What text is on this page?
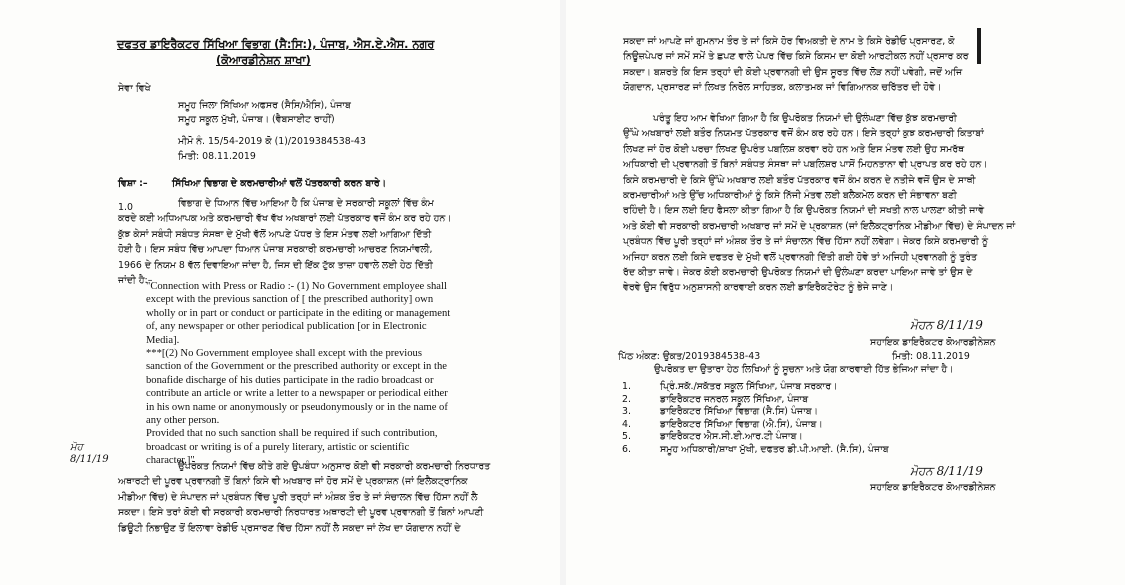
ਦਫਤਰ ਡਾਇਰੈਕਟਰ ਸਿੱਖਿਆ ਵਿਭਾਗ (ਸੈ:ਸਿ:), ਪੰਜਾਬ, ਐਸ.ਏ.ਐਸ. ਨਗਰ
(ਕੋਆਰਡੀਨੇਸ਼ਨ ਸ਼ਾਖਾ)
ਸੇਵਾ ਵਿਖੇ
ਸਮੂਹ ਜਿਲਾ ਸਿੱਖਿਆ ਅਫਸਰ (ਸੈਸਿ/ਐਸਿ), ਪੰਜਾਬ
ਸਮੂਹ ਸਕੂਲ ਮੁੱਖੀ, ਪੰਜਾਬ। (ਵੈਬਸਾਈਟ ਰਾਹੀਂ)
ਮੀਮੋ ਨੰ. 15/54-2019 ਕੋ (1)/2019384538-43
ਮਿਤੀ: 08.11.2019
ਵਿਸ਼ਾ :–	ਸਿੱਖਿਆ ਵਿਭਾਗ ਦੇ ਕਰਮਚਾਰੀਆਂ ਵਲੋਂ ਪੱਤਰਕਾਰੀ ਕਰਨ ਬਾਰੇ।
1.0	ਵਿਭਾਗ ਦੇ ਧਿਆਨ ਵਿੱਚ ਆਇਆ ਹੈ ਕਿ ਪੰਜਾਬ ਦੇ ਸਰਕਾਰੀ ਸਕੂਲਾਂ ਵਿੱਚ ਕੰਮ
ਕਰਦੇ ਕਈ ਅਧਿਆਪਕ ਅਤੇ ਕਰਮਚਾਰੀ ਵੱਖ ਵੱਖ ਅਖਬਾਰਾਂ ਲਈ ਪੱਤਰਕਾਰ ਵਜੋਂ ਕੰਮ ਕਰ ਰਹੇ ਹਨ।
ਕੁੱਝ ਕੇਸਾਂ ਸਬੰਧੀ ਸਬੰਧਤ ਸੰਸਥਾ ਦੇ ਮੁੱਖੀ ਵੱਲੋਂ ਆਪਣੇ ਪੱਧਰ ਤੇ ਇਸ ਮੰਤਵ ਲਈ ਆਗਿਆ ਦਿੱਤੀ
ਹੋਈ ਹੈ। ਇਸ ਸਬੰਧ ਵਿੱਚ ਆਪਦਾ ਧਿਆਨ ਪੰਜਾਬ ਸਰਕਾਰੀ ਕਰਮਚਾਰੀ ਆਚਰਣ ਨਿਯਮਾਂਵਲੀ,
1966 ਦੇ ਨਿਯਮ 8 ਵੱਲ ਦਿਵਾਇਆ ਜਾਂਦਾ ਹੈ, ਜਿਸ ਦੀ ਇੱਕ ਟੁੱਕ ਤਾਜ਼ਾ ਹਵਾਲੇ ਲਈ ਹੇਠ ਦਿੱਤੀ
ਜਾਂਦੀ ਹੈ:–
"Connection with Press or Radio :- (1) No Government employee shall
except with the previous sanction of [ the prescribed authority] own
wholly or in part or conduct or participate in the editing or management
of, any newspaper or other periodical publication [or in Electronic
Media].
***[(2) No Government employee shall except with the previous
sanction of the Government or the prescribed authority or except in the
bonafide discharge of his duties participate in the radio broadcast or
contribute an article or write a letter to a newspaper or periodical either
in his own name or anonymously or pseudonymously or in the name of
any other person.
Provided that no such sanction shall be required if such contribution,
broadcast or writing is of a purely literary, artistic or scientific
character.]"
ਮੋਹ
8/11/19
ਉਪਰੋਕਤ ਨਿਯਮਾਂ ਵਿੱਚ ਕੀਤੇ ਗਏ ਉਪਬੰਧਾ ਅਨੁਸਾਰ ਕੋਈ ਵੀ ਸਰਕਾਰੀ ਕਰਮਚਾਰੀ ਨਿਰਧਾਰਤ
ਅਥਾਰਟੀ ਦੀ ਪੂਰਵ ਪ੍ਰਵਾਨਗੀ ਤੋਂ ਬਿਨਾਂ ਕਿਸੇ ਵੀ ਅਖਬਾਰ ਜਾਂ ਹੋਰ ਸਮੇਂ ਦੇ ਪ੍ਰਕਾਸ਼ਨ (ਜਾਂ ਇਲੈਕਟ੍ਰਾਨਿਕ
ਮੀਡੀਆ ਵਿੱਚ) ਦੇ ਸੰਪਾਦਨ ਜਾਂ ਪ੍ਰਬੰਧਨ ਵਿੱਚ ਪੂਰੀ ਤਰ੍ਹਾਂ ਜਾਂ ਅੰਸ਼ਕ ਤੌਰ ਤੇ ਜਾਂ ਸੰਚਾਲਨ ਵਿੱਚ ਹਿੱਸਾ ਨਹੀਂ ਲੈ
ਸਕਦਾ। ਇਸੇ ਤਰਾਂ ਕੋਈ ਵੀ ਸਰਕਾਰੀ ਕਰਮਚਾਰੀ ਨਿਰਧਾਰਤ ਅਥਾਰਟੀ ਦੀ ਪੂਰਵ ਪ੍ਰਵਾਨਗੀ ਤੋਂ ਬਿਨਾਂ ਆਪਣੀ
ਡਿਊਟੀ ਨਿਭਾਉਣ ਤੋਂ ਇਲਾਵਾ ਰੇਡੀਓ ਪ੍ਰਸਾਰਣ ਵਿੱਚ ਹਿੱਸਾ ਨਹੀਂ ਲੈ ਸਕਦਾ ਜਾਂ ਲੇਖ ਦਾ ਯੋਗਦਾਨ ਨਹੀਂ ਦੇ
ਸਕਦਾ ਜਾਂ ਆਪਣੇ ਜਾਂ ਗੁਮਨਾਮ ਤੌਰ ਤੇ ਜਾਂ ਕਿਸੇ ਹੋਰ ਵਿਅਕਤੀ ਦੇ ਨਾਮ ਤੇ ਕਿਸੇ ਰੇਡੀਓ ਪ੍ਰਸਾਰਣ, ਕੋ
ਨਿਊਜ਼ਪੇਪਰ ਜਾਂ ਸਮੇਂ ਸਮੇਂ ਤੇ ਛਪਣ ਵਾਲੇ ਪੇਪਰ ਵਿੱਚ ਕਿਸੇ ਕਿਸਮ ਦਾ ਕੋਈ ਆਰਟੀਕਲ ਨਹੀਂ ਪ੍ਰਸਾਰ ਕਰ
ਸਕਦਾ। ਬਸ਼ਰਤੇ ਕਿ ਇਸ ਤਰ੍ਹਾਂ ਦੀ ਕੋਈ ਪ੍ਰਵਾਨਗੀ ਦੀ ਉਸ ਸੂਰਤ ਵਿੱਚ ਲੋੜ ਨਹੀਂ ਪਵੇਗੀ, ਜਦੋਂ ਅਜਿ
ਯੋਗਦਾਨ, ਪ੍ਰਸਾਰਣ ਜਾਂ ਲਿਖਤ ਨਿਰੋਲ ਸਾਹਿਤਕ, ਕਲਾਤਮਕ ਜਾਂ ਵਿਗਿਆਨਕ ਚਰਿੱਤਰ ਦੀ ਹੋਵੇ।
ਪਰੰਤੂ ਇਹ ਆਮ ਵੇਖਿਆ ਗਿਆ ਹੈ ਕਿ ਉਪਰੋਕਤ ਨਿਯਮਾਂ ਦੀ ਉਲੰਘਣਾ ਵਿੱਚ ਕੁੱਝ ਕਰਮਚਾਰੀ
ਉੱਘੇ ਅਖਬਾਰਾਂ ਲਈ ਬਤੌਰ ਨਿਯਮਤ ਪੱਤਰਕਾਰ ਵਜੋਂ ਕੰਮ ਕਰ ਰਹੇ ਹਨ। ਇਸੇ ਤਰ੍ਹਾਂ ਕੁਝ ਕਰਮਚਾਰੀ ਕਿਤਾਬਾਂ
ਲਿਖਣ ਜਾਂ ਹੋਰ ਕੋਈ ਪਰਚਾ ਲਿਖਣ ਉਪਰੰਤ ਪਬਲਿਸ਼ ਕਰਵਾ ਰਹੇ ਹਨ ਅਤੇ ਇਸ ਮੰਤਵ ਲਈ ਉਹ ਸਮਰੱਥ
ਅਧਿਕਾਰੀ ਦੀ ਪ੍ਰਵਾਨਗੀ ਤੋਂ ਬਿਨਾਂ ਸਬੰਧਤ ਸੰਸਥਾ ਜਾਂ ਪਬਲਿਸ਼ਰ ਪਾਸੋਂ ਮਿਹਨਤਾਨਾ ਵੀ ਪ੍ਰਾਪਤ ਕਰ ਰਹੇ ਹਨ।
ਕਿਸੇ ਕਰਮਚਾਰੀ ਦੇ ਕਿਸੇ ਉੱਘੇ ਅਖਬਾਰ ਲਈ ਬਤੌਰ ਪੱਤਰਕਾਰ ਵਜੋਂ ਕੰਮ ਕਰਨ ਦੇ ਨਤੀਜੇ ਵਜੋਂ ਉਸ ਦੇ ਸਾਥੀ
ਕਰਮਚਾਰੀਆਂ ਅਤੇ ਉੱਚ ਅਧਿਕਾਰੀਆਂ ਨੂੰ ਕਿਸੇ ਨਿੱਜੀ ਮੰਤਵ ਲਈ ਬਲੈਕਮੇਲ ਕਰਨ ਦੀ ਸੰਭਾਵਨਾ ਬਣੀ
ਰਹਿੰਦੀ ਹੈ। ਇਸ ਲਈ ਇਹ ਫੈਸਲਾ ਕੀਤਾ ਗਿਆ ਹੈ ਕਿ ਉਪਰੋਕਤ ਨਿਯਮਾਂ ਦੀ ਸਖਤੀ ਨਾਲ ਪਾਲਣਾ ਕੀਤੀ ਜਾਵੇ
ਅਤੇ ਕੋਈ ਵੀ ਸਰਕਾਰੀ ਕਰਮਚਾਰੀ ਅਖਬਾਰ ਜਾਂ ਸਮੇਂ ਦੇ ਪ੍ਰਕਾਸ਼ਨ (ਜਾਂ ਇਲੈਕਟ੍ਰਾਨਿਕ ਮੀਡੀਆ ਵਿੱਚ) ਦੇ ਸੰਪਾਦਨ ਜਾਂ
ਪ੍ਰਬੰਧਨ ਵਿੱਚ ਪੂਰੀ ਤਰ੍ਹਾਂ ਜਾਂ ਅੰਸ਼ਕ ਤੌਰ ਤੇ ਜਾਂ ਸੰਚਾਲਨ ਵਿੱਚ ਹਿੱਸਾ ਨਹੀਂ ਲਵੇਗਾ। ਜੇਕਰ ਕਿਸੇ ਕਰਮਚਾਰੀ ਨੂੰ
ਅਜਿਹਾ ਕਰਨ ਲਈ ਕਿਸੇ ਦਫਤਰ ਦੇ ਮੁੱਖੀ ਵਲੋਂ ਪ੍ਰਵਾਨਗੀ ਦਿੱਤੀ ਗਈ ਹੋਵੇ ਤਾਂ ਅਜਿਹੀ ਪ੍ਰਵਾਨਗੀ ਨੂੰ ਤੁਰੰਤ
ਰੱਦ ਕੀਤਾ ਜਾਵੇ। ਜੇਕਰ ਕੋਈ ਕਰਮਚਾਰੀ ਉਪਰੋਕਤ ਨਿਯਮਾਂ ਦੀ ਉਲੰਘਣਾ ਕਰਦਾ ਪਾਇਆ ਜਾਵੇ ਤਾਂ ਉਸ ਦੇ
ਵੇਰਵੇ ਉਸ ਵਿਰੁੱਧ ਅਨੁਸ਼ਾਸਨੀ ਕਾਰਵਾਈ ਕਰਨ ਲਈ ਡਾਇਰੈਕਟੋਰੇਟ ਨੂੰ ਭੇਜੇ ਜਾਣੇ।
ਮੋਹਨ 8/11/19
ਸਹਾਇਕ ਡਾਇਰੈਕਟਰ ਕੋਆਰਡੀਨੇਸ਼ਨ
ਪਿੱਠ ਅੰਕਣ: ਉਕਤ/2019384538-43	ਮਿਤੀ: 08.11.2019
ਉਪਰੋਕਤ ਦਾ ਉਤਾਰਾ ਹੇਠ ਲਿਖਿਆਂ ਨੂੰ ਸੂਚਨਾ ਅਤੇ ਯੋਗ ਕਾਰਵਾਈ ਹਿੱਤ ਭੇਜਿਆ ਜਾਂਦਾ ਹੈ।
1.	ਪ੍ਰਿੰ.ਸਕੱ./ਸਕੱਤਰ ਸਕੂਲ ਸਿੱਖਿਆ, ਪੰਜਾਬ ਸਰਕਾਰ।
2.	ਡਾਇਰੈਕਟਰ ਜਨਰਲ ਸਕੂਲ ਸਿੱਖਿਆ, ਪੰਜਾਬ
3.	ਡਾਇਰੈਕਟਰ ਸਿੱਖਿਆ ਵਿਭਾਗ (ਸੈ.ਸਿ) ਪੰਜਾਬ।
4.	ਡਾਇਰੈਕਟਰ ਸਿੱਖਿਆ ਵਿਭਾਗ (ਐ.ਸਿ), ਪੰਜਾਬ।
5.	ਡਾਇਰੈਕਟਰ ਐਸ.ਸੀ.ਈ.ਆਰ.ਟੀ ਪੰਜਾਬ।
6.	ਸਮੂਹ ਅਧਿਕਾਰੀ/ਸ਼ਾਖਾ ਮੁੱਖੀ, ਦਫਤਰ ਡੀ.ਪੀ.ਆਈ. (ਸੈ.ਸਿ), ਪੰਜਾਬ
ਮੋਹਨ 8/11/19
ਸਹਾਇਕ ਡਾਇਰੈਕਟਰ ਕੋਆਰਡੀਨੇਸ਼ਨ
